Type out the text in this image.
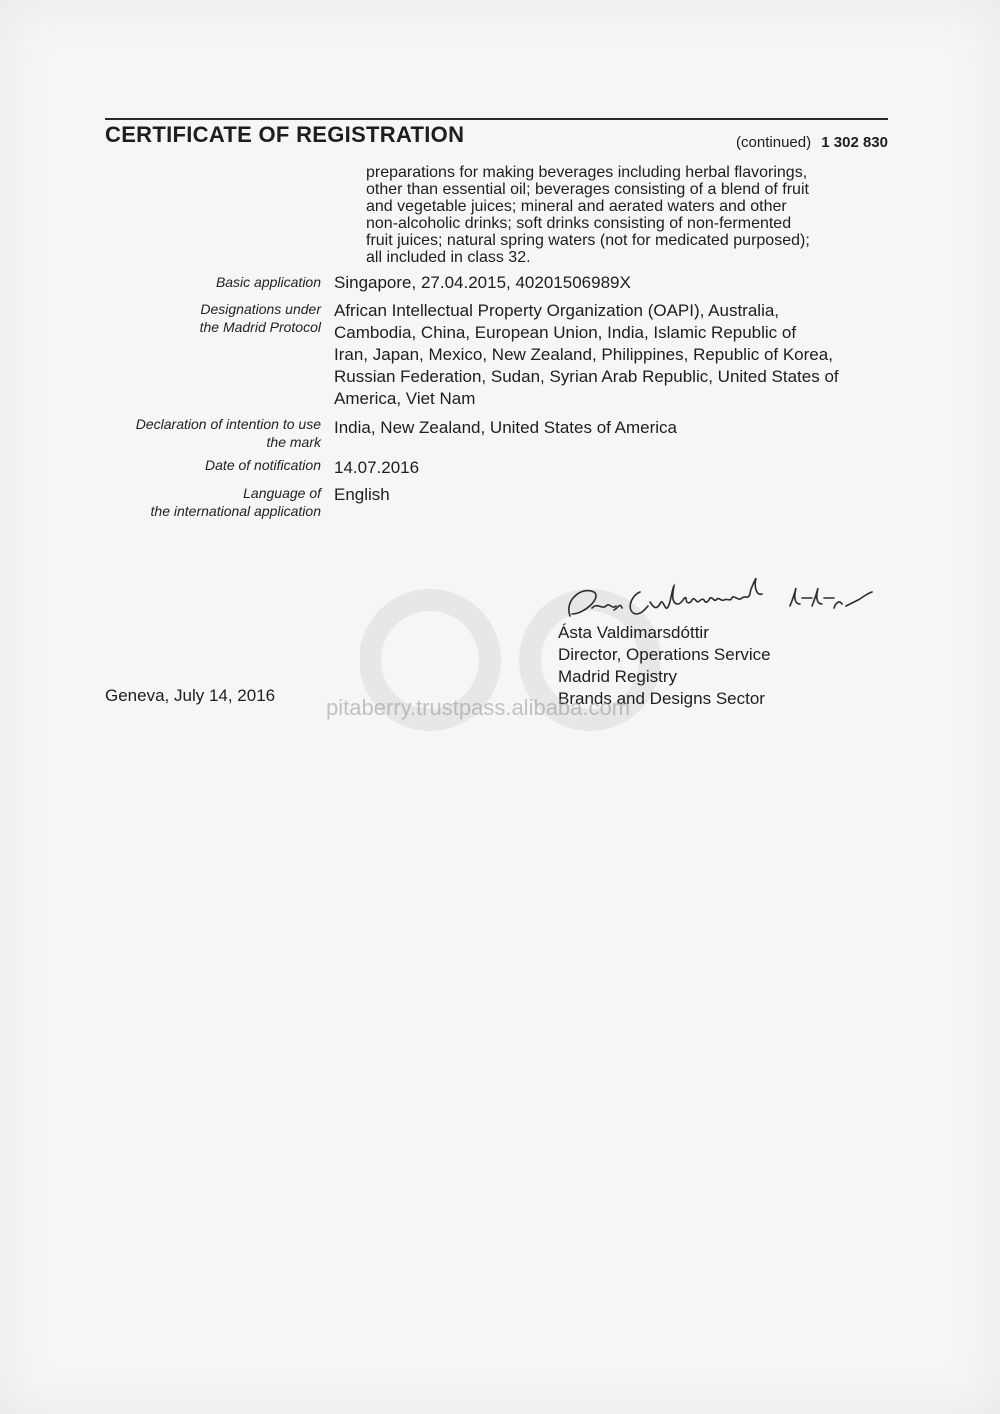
CERTIFICATE OF REGISTRATION	(continued) 1 302 830
preparations for making beverages including herbal flavorings,
other than essential oil; beverages consisting of a blend of fruit
and vegetable juices; mineral and aerated waters and other
non-alcoholic drinks; soft drinks consisting of non-fermented
fruit juices; natural spring waters (not for medicated purposed);
all included in class 32.
Basic application Singapore, 27.04.2015, 40201506989X
Designations under
the Madrid Protocol
African Intellectual Property Organization (OAPI), Australia,
Cambodia, China, European Union, India, Islamic Republic of
Iran, Japan, Mexico, New Zealand, Philippines, Republic of Korea,
Russian Federation, Sudan, Syrian Arab Republic, United States of
America, Viet Nam
Declaration of intention to use
the mark
India, New Zealand, United States of America
Date of notification 14.07.2016
Language of
the international application
English
Ásta Valdimarsdóttir
Director, Operations Service
Madrid Registry
Brands and Designs Sector
Geneva, July 14, 2016 pitaberry.trustpass.alibaba.com
